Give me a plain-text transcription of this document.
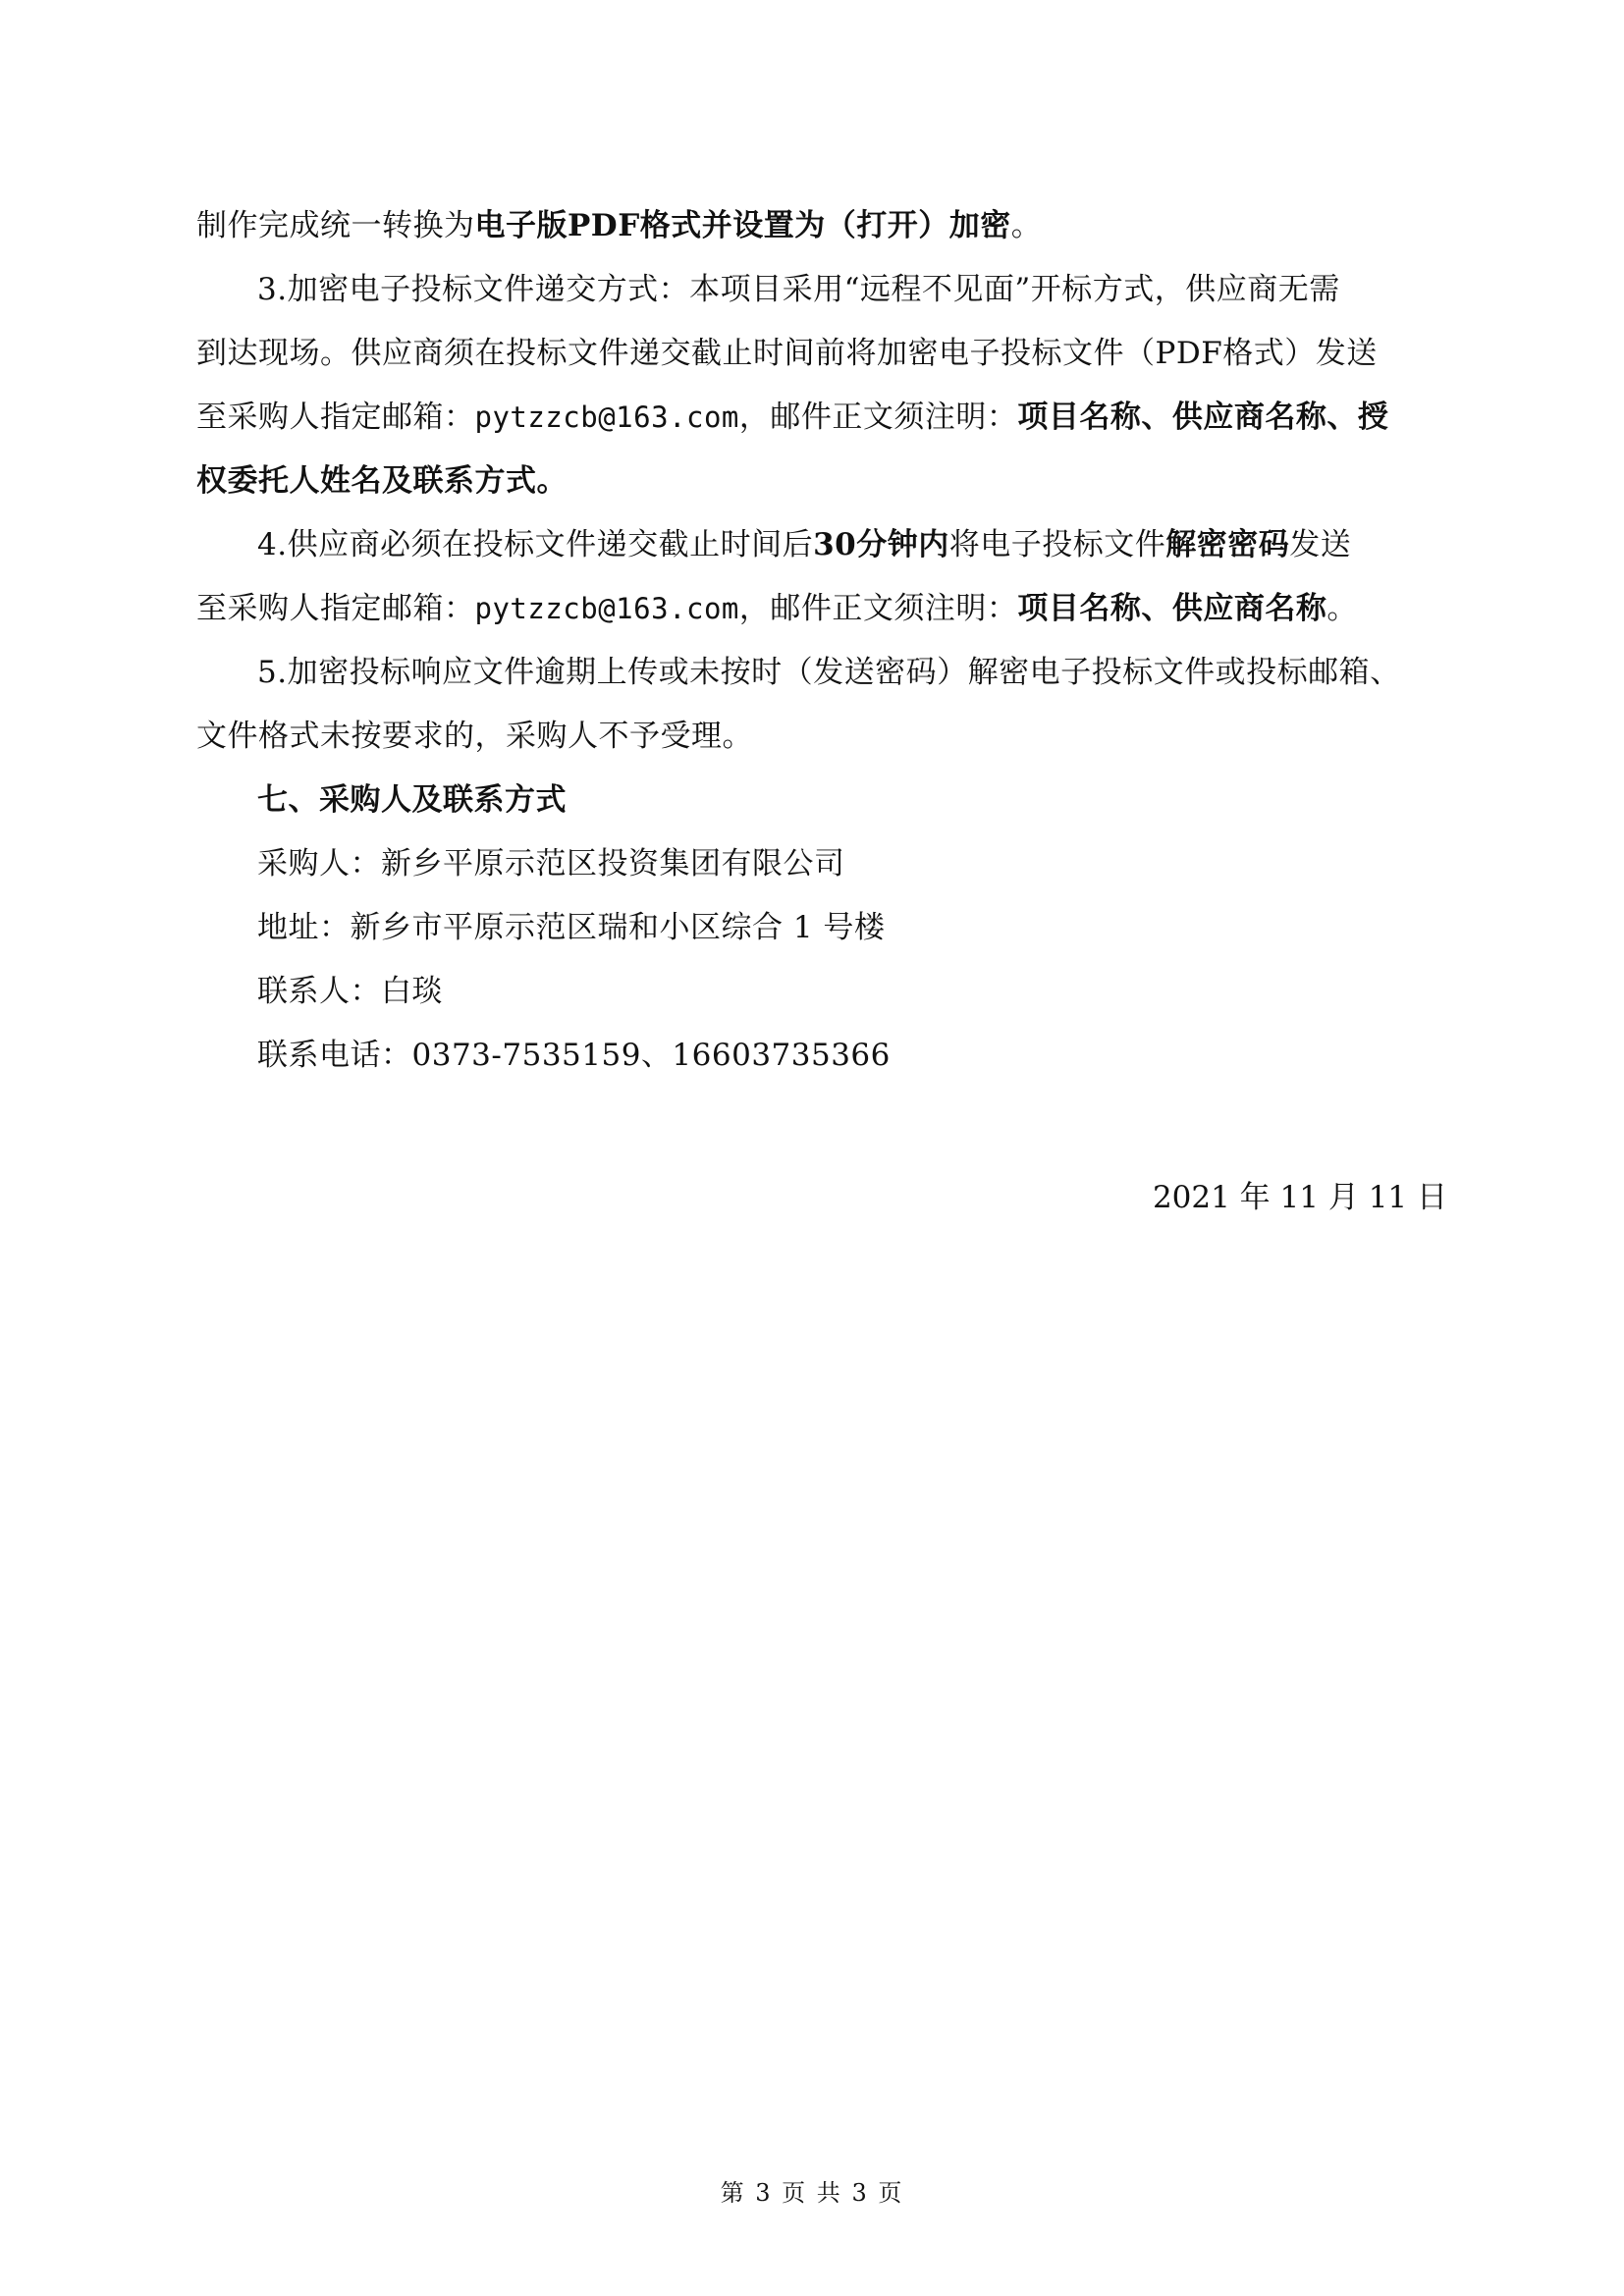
制作完成统一转换为电子版PDF格式并设置为（打开）加密。
3.加密电子投标文件递交方式：本项目采用“远程不见面”开标方式，供应商无需
到达现场。供应商须在投标文件递交截止时间前将加密电子投标文件（PDF格式）发送
至采购人指定邮箱：pytzzcb@163.com，邮件正文须注明：项目名称、供应商名称、授
权委托人姓名及联系方式。
4.供应商必须在投标文件递交截止时间后30分钟内将电子投标文件解密密码发送
至采购人指定邮箱：pytzzcb@163.com，邮件正文须注明：项目名称、供应商名称。
5.加密投标响应文件逾期上传或未按时（发送密码）解密电子投标文件或投标邮箱、
文件格式未按要求的，采购人不予受理。
七、采购人及联系方式
采购人：新乡平原示范区投资集团有限公司
地址：新乡市平原示范区瑞和小区综合 1 号楼
联系人：白琰
联系电话：0373-7535159、16603735366
2021 年 11 月 11 日
第 3 页 共 3 页
